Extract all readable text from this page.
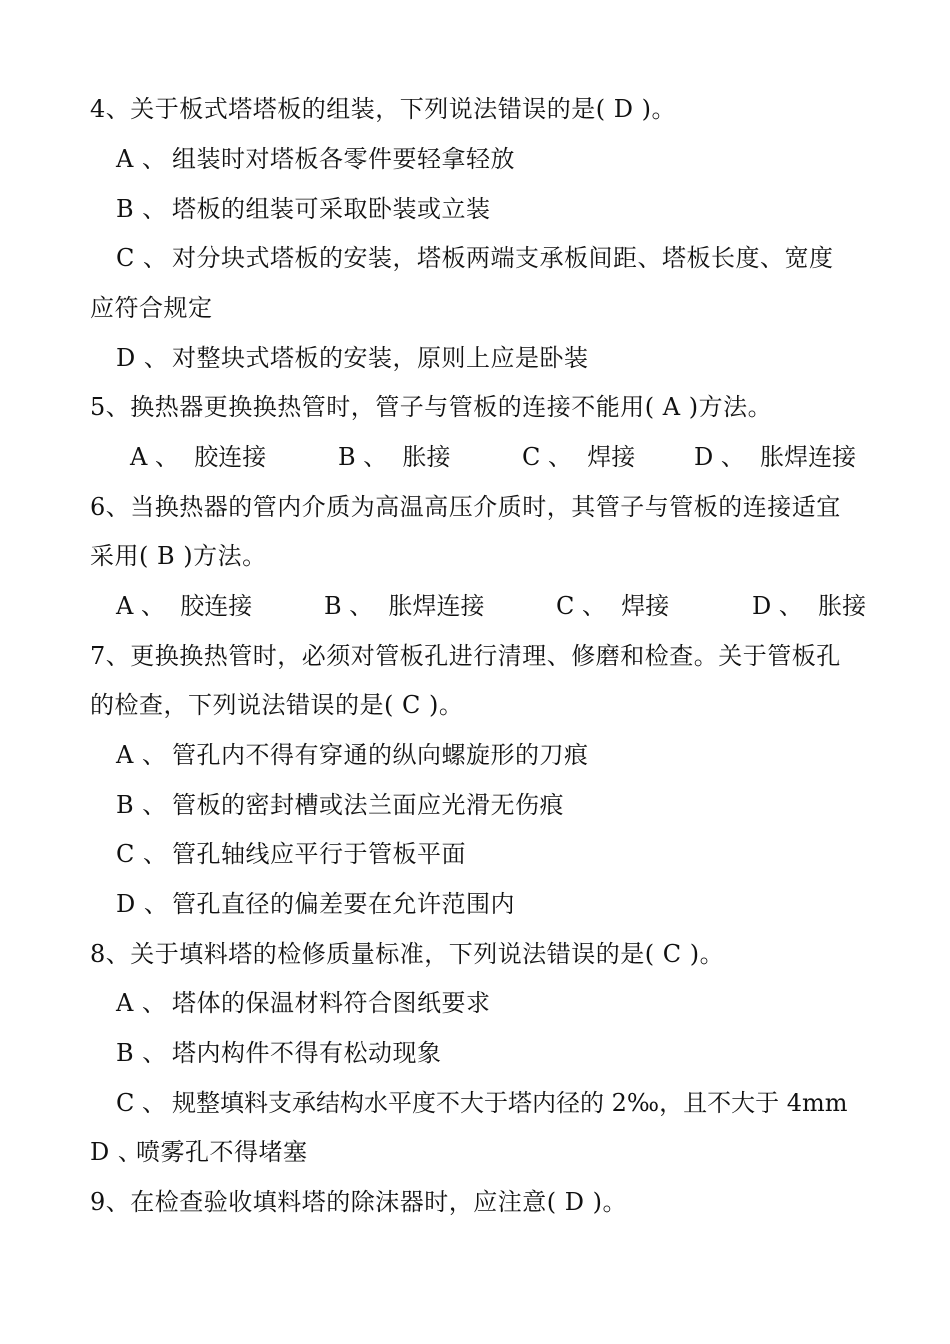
4、关于板式塔塔板的组装，下列说法错误的是( D )。
A 、 组装时对塔板各零件要轻拿轻放
B 、 塔板的组装可采取卧装或立装
C 、 对分块式塔板的安装，塔板两端支承板间距、塔板长度、宽度
应符合规定
D 、 对整块式塔板的安装，原则上应是卧装
5、换热器更换换热管时，管子与管板的连接不能用( A )方法。
A 、 胶连接	B 、 胀接	C 、 焊接 D 、 胀焊连接
6、当换热器的管内介质为高温高压介质时，其管子与管板的连接适宜
采用( B )方法。
A 、 胶连接	B 、 胀焊连接	C 、 焊接	D 、 胀接
7、更换换热管时，必须对管板孔进行清理、修磨和检查。关于管板孔
的检查，下列说法错误的是( C )。
A 、 管孔内不得有穿通的纵向螺旋形的刀痕
B 、 管板的密封槽或法兰面应光滑无伤痕
C 、 管孔轴线应平行于管板平面
D 、 管孔直径的偏差要在允许范围内
8、关于填料塔的检修质量标准，下列说法错误的是( C )。
A 、 塔体的保温材料符合图纸要求
B 、 塔内构件不得有松动现象
C 、 规整填料支承结构水平度不大于塔内径的 2‰，且不大于 4mm
D 、喷雾孔不得堵塞
9、在检查验收填料塔的除沫器时，应注意( D )。
